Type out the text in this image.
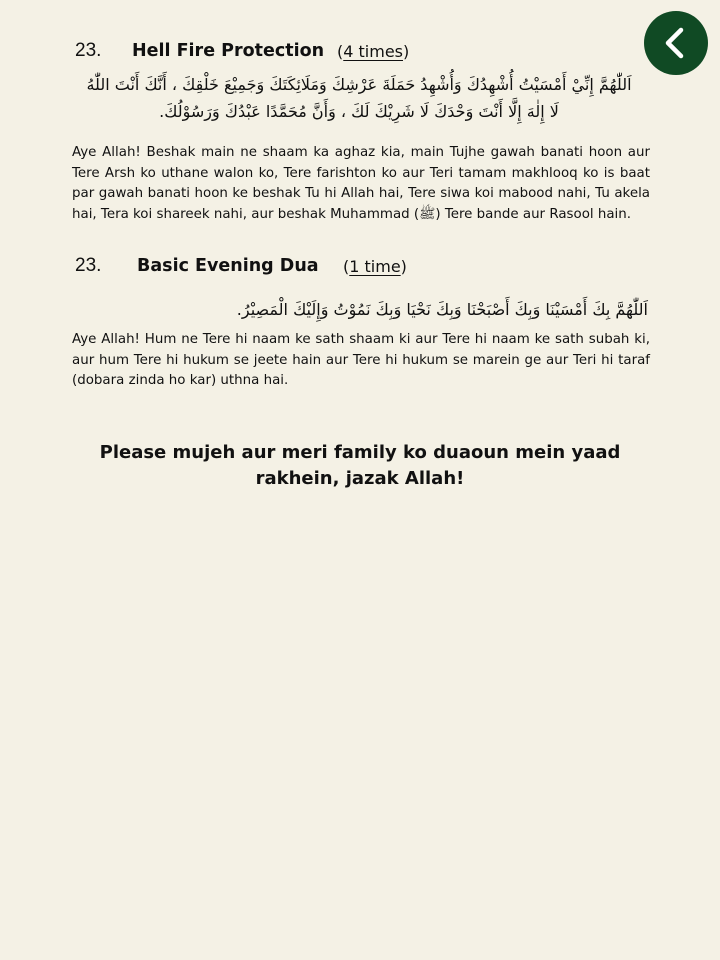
23. Hell Fire Protection (4 times)
اَللّٰهُمَّ إِنِّيْ أَمْسَيْتُ أُشْهِدُكَ وَأُشْهِدُ حَمَلَةَ عَرْشِكَ وَمَلَائِكَتَكَ وَجَمِيْعَ خَلْقِكَ ، أَنَّكَ أَنْتَ اللّٰهُ
لَا إِلٰهَ إِلَّا أَنْتَ وَحْدَكَ لَا شَرِيْكَ لَكَ ، وَأَنَّ مُحَمَّدًا عَبْدُكَ وَرَسُوْلُكَ.

Aye Allah! Beshak main ne shaam ka aghaz kia, main Tujhe gawah banati hoon aur Tere Arsh ko uthane walon ko, Tere farishton ko aur Teri tamam makhlooq ko is baat par gawah banati hoon ke beshak Tu hi Allah hai, Tere siwa koi mabood nahi, Tu akela hai, Tera koi shareek nahi, aur beshak Muhammad (ﷺ) Tere bande aur Rasool hain.

23. Basic Evening Dua (1 time)
اَللّٰهُمَّ بِكَ أَمْسَيْنَا وَبِكَ أَصْبَحْنَا وَبِكَ نَحْيَا وَبِكَ نَمُوْتُ وَإِلَيْكَ الْمَصِيْرُ.

Aye Allah! Hum ne Tere hi naam ke sath shaam ki aur Tere hi naam ke sath subah ki, aur hum Tere hi hukum se jeete hain aur Tere hi hukum se marein ge aur Teri hi taraf (dobara zinda ho kar) uthna hai.

Please mujeh aur meri family ko duaoun mein yaad rakhein, jazak Allah!
